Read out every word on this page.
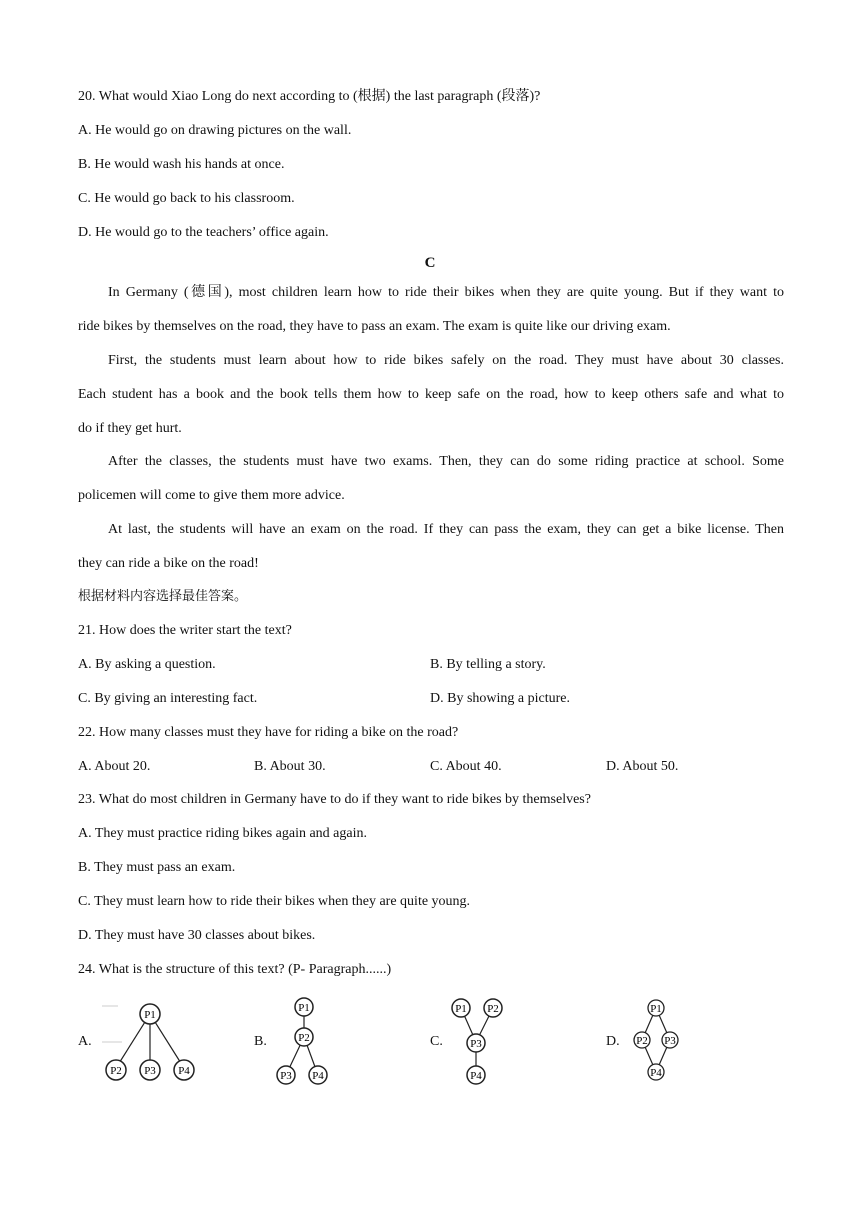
20. What would Xiao Long do next according to (根据) the last paragraph (段落)?
A. He would go on drawing pictures on the wall.
B. He would wash his hands at once.
C. He would go back to his classroom.
D. He would go to the teachers’ office again.
C
In Germany (德国), most children learn how to ride their bikes when they are quite young. But if they want to
ride bikes by themselves on the road, they have to pass an exam. The exam is quite like our driving exam.
First, the students must learn about how to ride bikes safely on the road. They must have about 30 classes.
Each student has a book and the book tells them how to keep safe on the road, how to keep others safe and what to
do if they get hurt.
After the classes, the students must have two exams. Then, they can do some riding practice at school. Some
policemen will come to give them more advice.
At last, the students will have an exam on the road. If they can pass the exam, they can get a bike license. Then
they can ride a bike on the road!
根据材料内容选择最佳答案。
21. How does the writer start the text?
A. By asking a question.	B. By telling a story.
C. By giving an interesting fact.	D. By showing a picture.
22. How many classes must they have for riding a bike on the road?
A. About 20.	B. About 30.	C. About 40.	D. About 50.
23. What do most children in Germany have to do if they want to ride bikes by themselves?
A. They must practice riding bikes again and again.
B. They must pass an exam.
C. They must learn how to ride their bikes when they are quite young.
D. They must have 30 classes about bikes.
24. What is the structure of this text? (P- Paragraph......)
A.	B.	C.	D.
P1
P2 P3 P4
P1
P2
P3 P4
P1 P2
P3
P4
P1
P2 P3
P4
